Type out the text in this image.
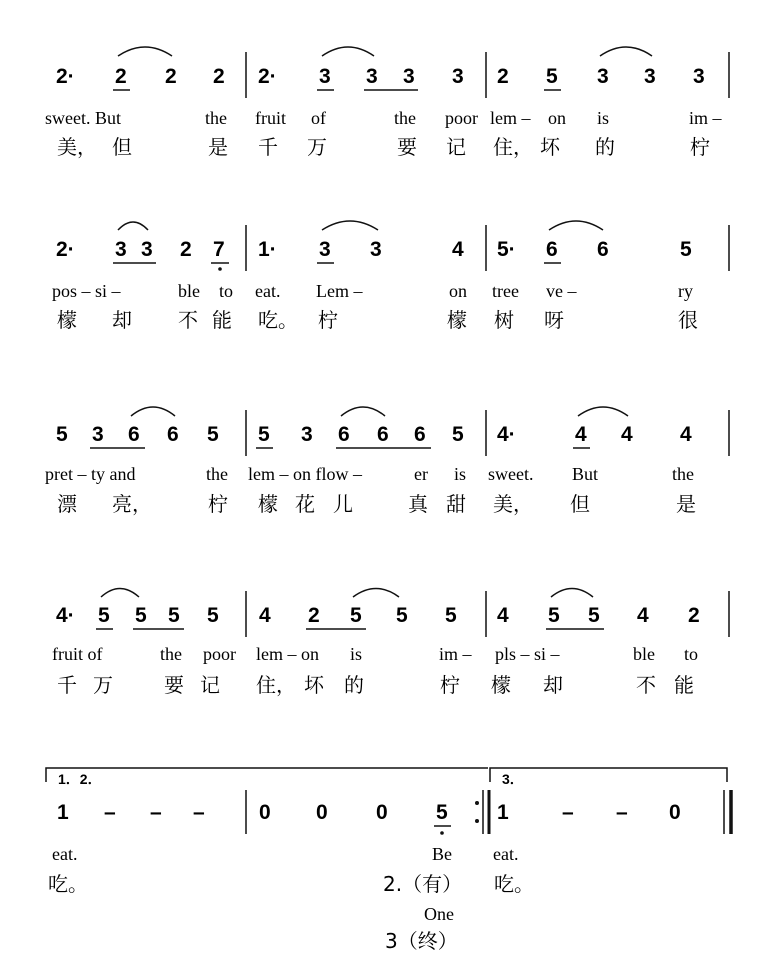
2· 2 2 2 2· 3 3 3 3 2 5 3 3 3
sweet. But	the fruit of	the poor lem – on is	im –
美， 但	是 千 万	要 记 住， 坏 的	柠
2· 3 3 2 7 1· 3 3	4 5· 6 6	5
pos – si –	ble to eat. Lem –	on tree ve –	ry
檬 却 不 能 吃。 柠	檬 树 呀	很
5 3 6 6 5 5 3 6 6 6 5 4·	4 4 4
pret – ty and	the lem – on flow –	er is sweet. But	the
漂 亮，	柠 檬 花 儿	真 甜 美， 但	是
4· 5 5 5 5 4 2 5 5 5 4 5 5 4 2
fruit of	the poor lem – on is	im – pls – si –	ble to
千 万	要 记 住， 坏 的	柠 檬 却	不 能
1．2．	3．
1 – – –	0 0 0 5 1	– – 0
eat.	Be eat.
吃。	2.（有） 吃。
One
3（终）
